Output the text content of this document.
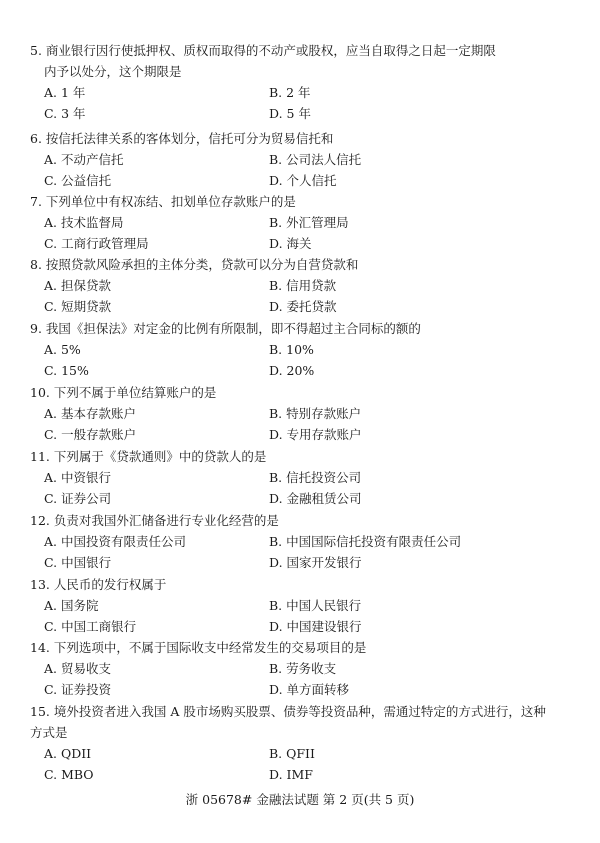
5. 商业银行因行使抵押权、质权而取得的不动产或股权，应当自取得之日起一定期限
内予以处分，这个期限是
A. 1 年	B. 2 年
C. 3 年	D. 5 年
6. 按信托法律关系的客体划分，信托可分为贸易信托和
A. 不动产信托	B. 公司法人信托
C. 公益信托	D. 个人信托
7. 下列单位中有权冻结、扣划单位存款账户的是
A. 技术监督局	B. 外汇管理局
C. 工商行政管理局	D. 海关
8. 按照贷款风险承担的主体分类，贷款可以分为自营贷款和
A. 担保贷款	B. 信用贷款
C. 短期贷款	D. 委托贷款
9. 我国《担保法》对定金的比例有所限制，即不得超过主合同标的额的
A. 5%	B. 10%
C. 15%	D. 20%
10. 下列不属于单位结算账户的是
A. 基本存款账户	B. 特别存款账户
C. 一般存款账户	D. 专用存款账户
11. 下列属于《贷款通则》中的贷款人的是
A. 中资银行	B. 信托投资公司
C. 证券公司	D. 金融租赁公司
12. 负责对我国外汇储备进行专业化经营的是
A. 中国投资有限责任公司	B. 中国国际信托投资有限责任公司
C. 中国银行	D. 国家开发银行
13. 人民币的发行权属于
A. 国务院	B. 中国人民银行
C. 中国工商银行	D. 中国建设银行
14. 下列选项中，不属于国际收支中经常发生的交易项目的是
A. 贸易收支	B. 劳务收支
C. 证券投资	D. 单方面转移
15. 境外投资者进入我国 A 股市场购买股票、债券等投资品种，需通过特定的方式进行，这种方式是
A. QDII	B. QFII
C. MBO	D. IMF
浙 05678# 金融法试题 第 2 页(共 5 页)
